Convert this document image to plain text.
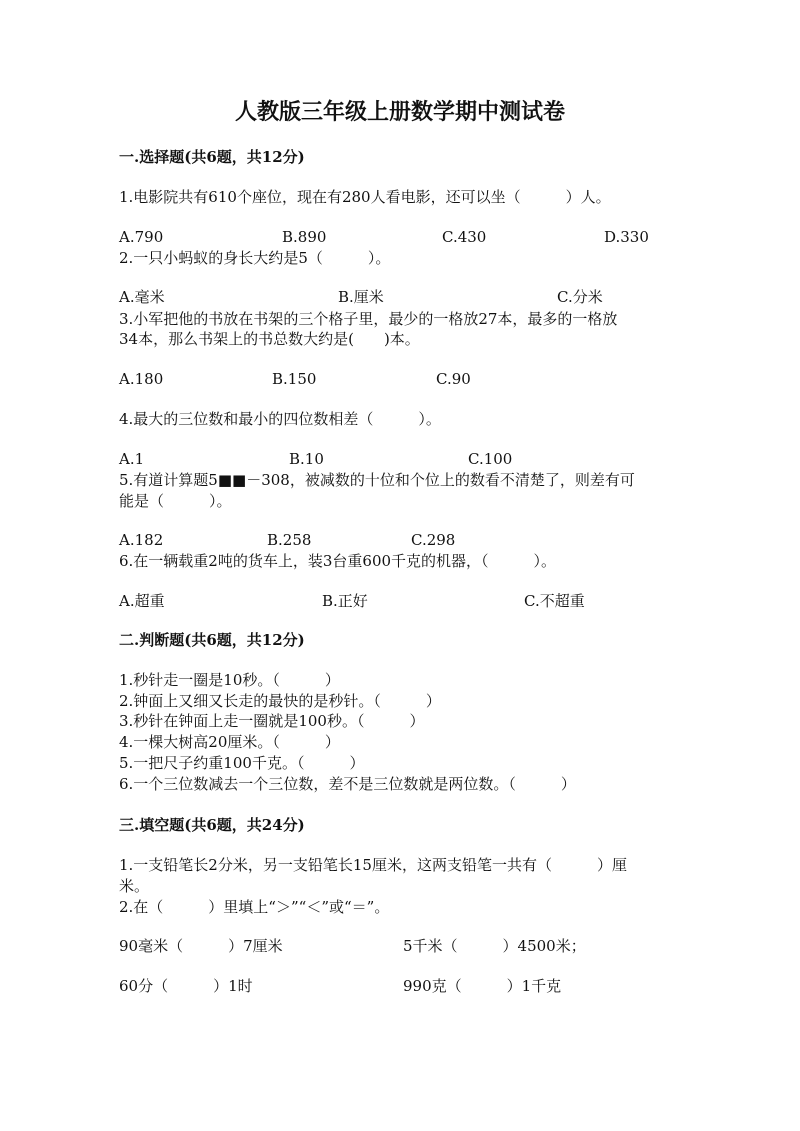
人教版三年级上册数学期中测试卷
一.选择题(共6题，共12分)
1.电影院共有610个座位，现在有280人看电影，还可以坐（　　　）人。
A.790	B.890	C.430	D.330
2.一只小蚂蚁的身长大约是5（　　　）。
A.毫米	B.厘米	C.分米
3.小军把他的书放在书架的三个格子里，最少的一格放27本，最多的一格放
34本，那么书架上的书总数大约是(　　)本。
A.180	B.150	C.90
4.最大的三位数和最小的四位数相差（　　　）。
A.1	B.10	C.100
5.有道计算题5■■－308，被减数的十位和个位上的数看不清楚了，则差有可
能是（　　　）。
A.182	B.258	C.298
6.在一辆载重2吨的货车上，装3台重600千克的机器，（　　　）。
A.超重	B.正好	C.不超重
二.判断题(共6题，共12分)
1.秒针走一圈是10秒。（　　　）
2.钟面上又细又长走的最快的是秒针。（　　　）
3.秒针在钟面上走一圈就是100秒。（　　　）
4.一棵大树高20厘米。（　　　）
5.一把尺子约重100千克。（　　　）
6.一个三位数减去一个三位数，差不是三位数就是两位数。（　　　）
三.填空题(共6题，共24分)
1.一支铅笔长2分米，另一支铅笔长15厘米，这两支铅笔一共有（　　　）厘
米。
2.在（　　　）里填上“＞”“＜”或“＝”。
90毫米（　　　）7厘米	5千米（　　　）4500米；
60分（　　　）1时	990克（　　　）1千克
